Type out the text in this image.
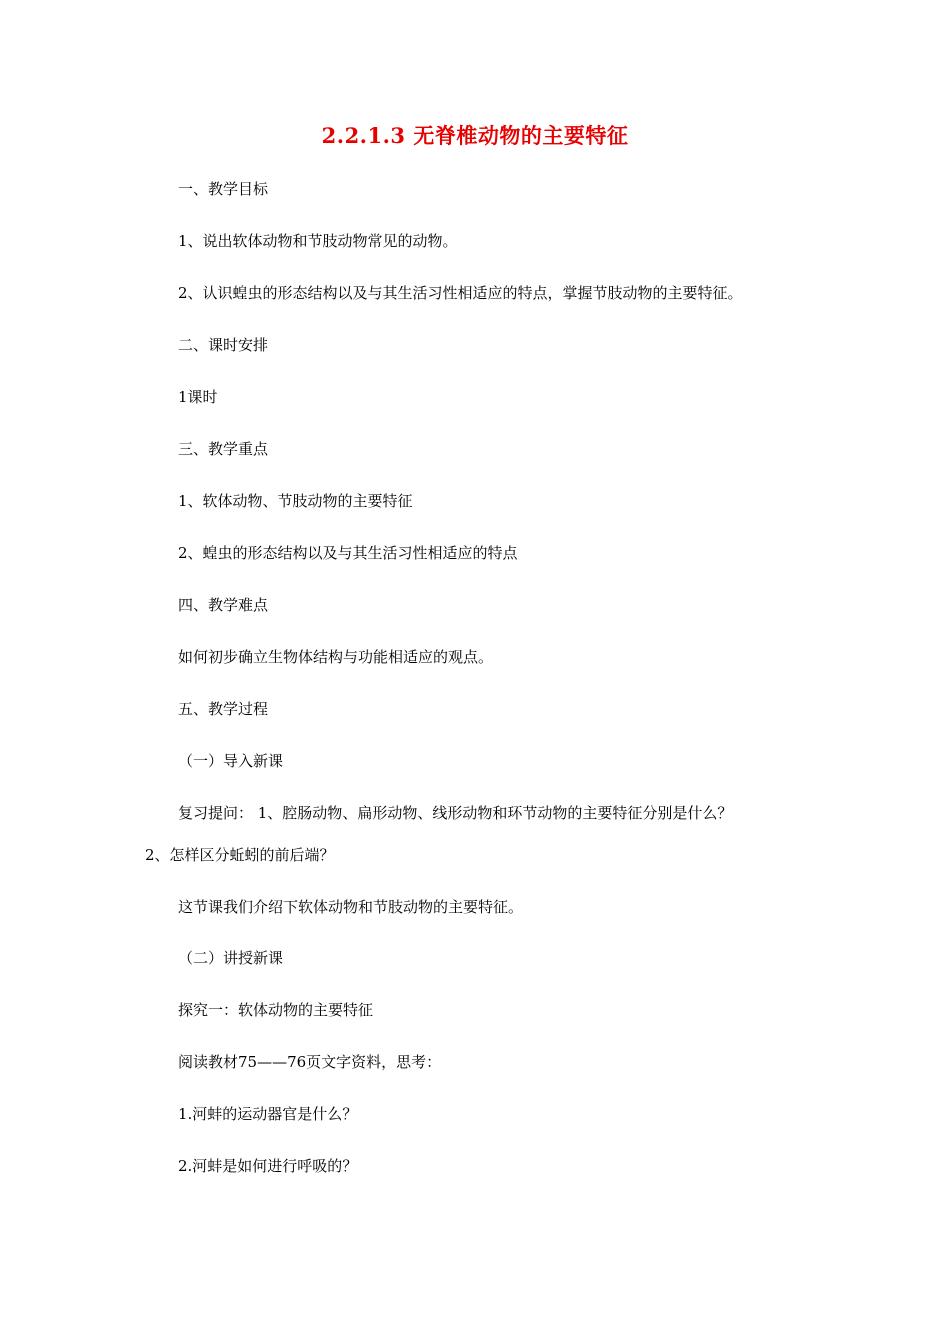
2.2.1.3 无脊椎动物的主要特征
一、教学目标
1、说出软体动物和节肢动物常见的动物。
2、认识蝗虫的形态结构以及与其生活习性相适应的特点，掌握节肢动物的主要特征。
二、课时安排
1课时
三、教学重点
1、软体动物、节肢动物的主要特征
2、蝗虫的形态结构以及与其生活习性相适应的特点
四、教学难点
如何初步确立生物体结构与功能相适应的观点。
五、教学过程
（一）导入新课
复习提问： 1、腔肠动物、扁形动物、线形动物和环节动物的主要特征分别是什么？
2、怎样区分蚯蚓的前后端？
这节课我们介绍下软体动物和节肢动物的主要特征。
（二）讲授新课
探究一：软体动物的主要特征
阅读教材75——76页文字资料，思考：
1.河蚌的运动器官是什么？
2.河蚌是如何进行呼吸的？
